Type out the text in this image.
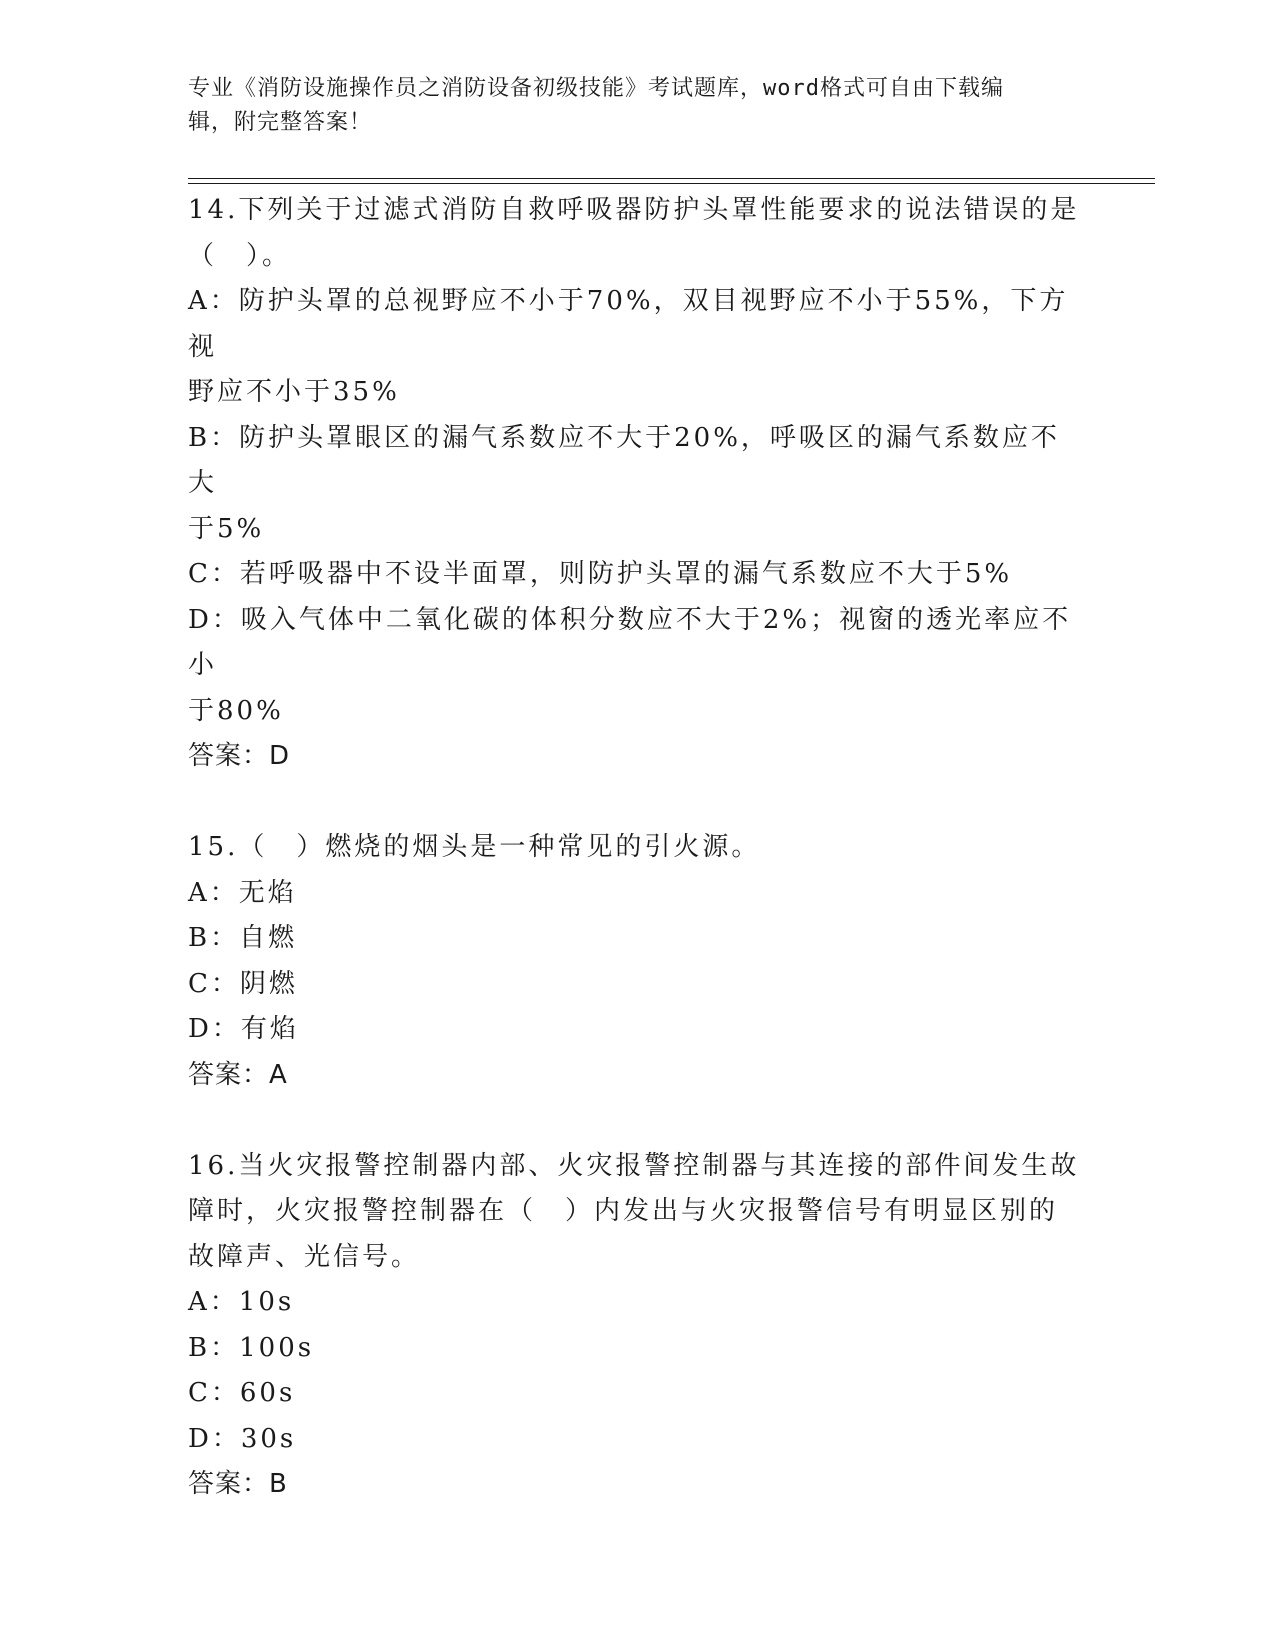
专业《消防设施操作员之消防设备初级技能》考试题库，word格式可自由下载编
辑，附完整答案！
14.下列关于过滤式消防自救呼吸器防护头罩性能要求的说法错误的是
（　）。
A：防护头罩的总视野应不小于70%，双目视野应不小于55%，下方视
野应不小于35%
B：防护头罩眼区的漏气系数应不大于20%，呼吸区的漏气系数应不大
于5%
C：若呼吸器中不设半面罩，则防护头罩的漏气系数应不大于5%
D：吸入气体中二氧化碳的体积分数应不大于2%；视窗的透光率应不小
于80%
答案：D
15.（　）燃烧的烟头是一种常见的引火源。
A：无焰
B：自燃
C：阴燃
D：有焰
答案：A
16.当火灾报警控制器内部、火灾报警控制器与其连接的部件间发生故
障时，火灾报警控制器在（　）内发出与火灾报警信号有明显区别的
故障声、光信号。
A：10s
B：100s
C：60s
D：30s
答案：B
